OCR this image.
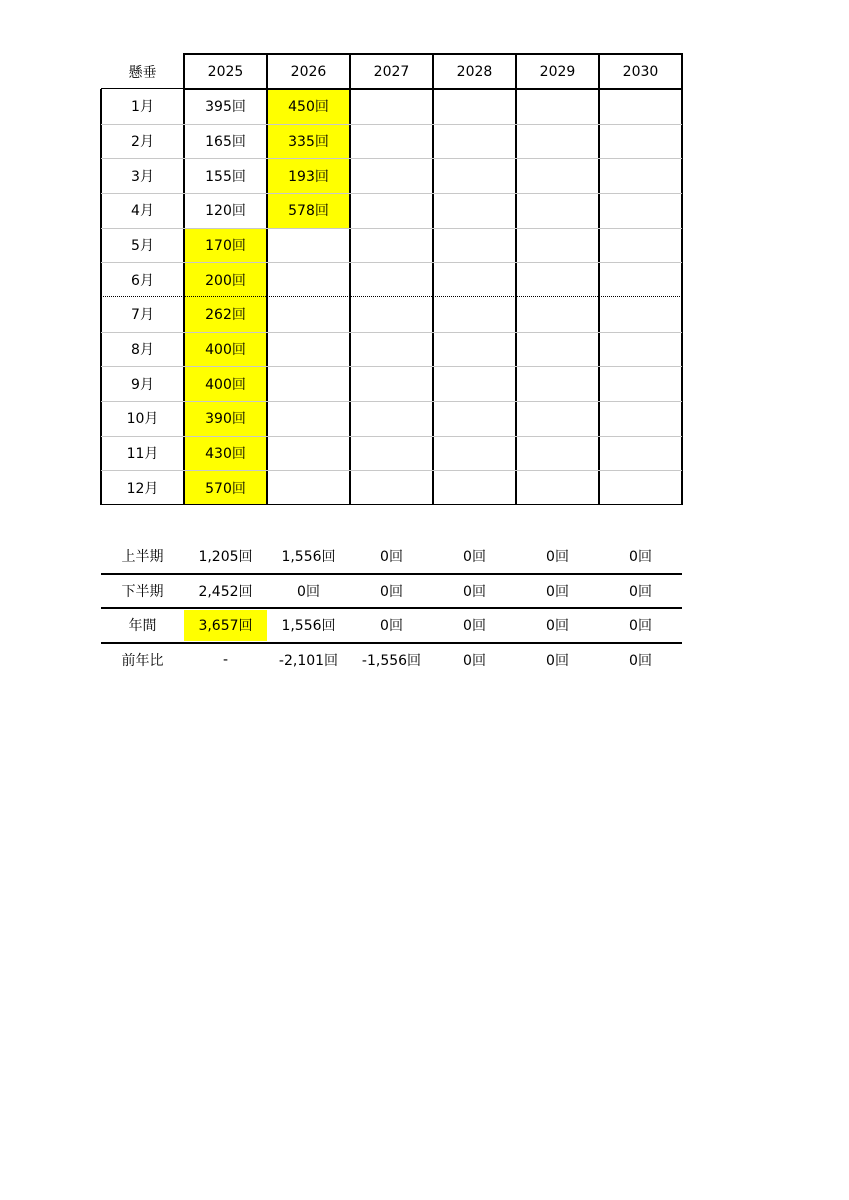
懸垂	2025	2026	2027	2028	2029	2030
1月	395回	450回
2月	165回	335回
3月	155回	193回
4月	120回	578回
5月	170回
6月	200回
7月	262回
8月	400回
9月	400回
10月	390回
11月	430回
12月	570回
上半期	1,205回	1,556回	0回	0回	0回	0回
下半期	2,452回	0回	0回	0回	0回	0回
年間	3,657回	1,556回	0回	0回	0回	0回
前年比	-	-2,101回	-1,556回	0回	0回	0回
